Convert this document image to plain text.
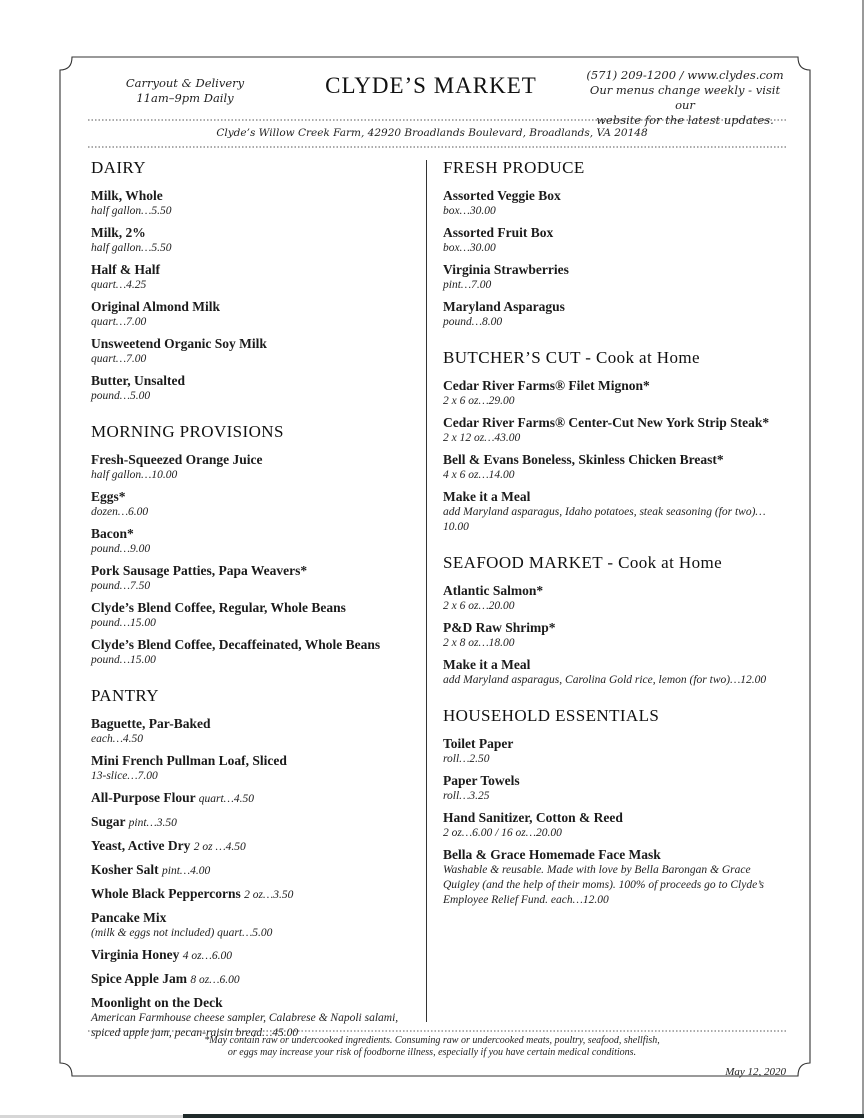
Carryout & Delivery
11am–9pm Daily	CLYDE’S MARKET	(571) 209-1200 / www.clydes.com
Our menus change weekly - visit our
website for the latest updates.
Clyde’s Willow Creek Farm, 42920 Broadlands Boulevard, Broadlands, VA 20148
DAIRY
Milk, Whole
half gallon…5.50
Milk, 2%
half gallon…5.50
Half & Half
quart…4.25
Original Almond Milk
quart…7.00
Unsweetend Organic Soy Milk
quart…7.00
Butter, Unsalted
pound…5.00
MORNING PROVISIONS
Fresh-Squeezed Orange Juice
half gallon…10.00
Eggs*
dozen…6.00
Bacon*
pound…9.00
Pork Sausage Patties, Papa Weavers*
pound…7.50
Clyde’s Blend Coffee, Regular, Whole Beans
pound…15.00
Clyde’s Blend Coffee, Decaffeinated, Whole Beans
pound…15.00
PANTRY
Baguette, Par-Baked
each…4.50
Mini French Pullman Loaf, Sliced
13-slice…7.00
All-Purpose Flour quart…4.50
Sugar pint…3.50
Yeast, Active Dry 2 oz …4.50
Kosher Salt pint…4.00
Whole Black Peppercorns 2 oz…3.50
Pancake Mix
(milk & eggs not included) quart…5.00
Virginia Honey 4 oz…6.00
Spice Apple Jam 8 oz…6.00
Moonlight on the Deck
American Farmhouse cheese sampler, Calabrese & Napoli salami, spiced apple jam, pecan-raisin bread…45.00
FRESH PRODUCE
Assorted Veggie Box
box…30.00
Assorted Fruit Box
box…30.00
Virginia Strawberries
pint…7.00
Maryland Asparagus
pound…8.00
BUTCHER’S CUT - Cook at Home
Cedar River Farms® Filet Mignon*
2 x 6 oz…29.00
Cedar River Farms® Center-Cut New York Strip Steak*
2 x 12 oz…43.00
Bell & Evans Boneless, Skinless Chicken Breast*
4 x 6 oz…14.00
Make it a Meal
add Maryland asparagus, Idaho potatoes, steak seasoning (for two)…10.00
SEAFOOD MARKET - Cook at Home
Atlantic Salmon*
2 x 6 oz…20.00
P&D Raw Shrimp*
2 x 8 oz…18.00
Make it a Meal
add Maryland asparagus, Carolina Gold rice, lemon (for two)…12.00
HOUSEHOLD ESSENTIALS
Toilet Paper
roll…2.50
Paper Towels
roll…3.25
Hand Sanitizer, Cotton & Reed
2 oz…6.00 / 16 oz…20.00
Bella & Grace Homemade Face Mask
Washable & reusable. Made with love by Bella Barongan & Grace Quigley (and the help of their moms). 100% of proceeds go to Clyde’s Employee Relief Fund. each…12.00
*May contain raw or undercooked ingredients. Consuming raw or undercooked meats, poultry, seafood, shellfish,
or eggs may increase your risk of foodborne illness, especially if you have certain medical conditions.
May 12, 2020
